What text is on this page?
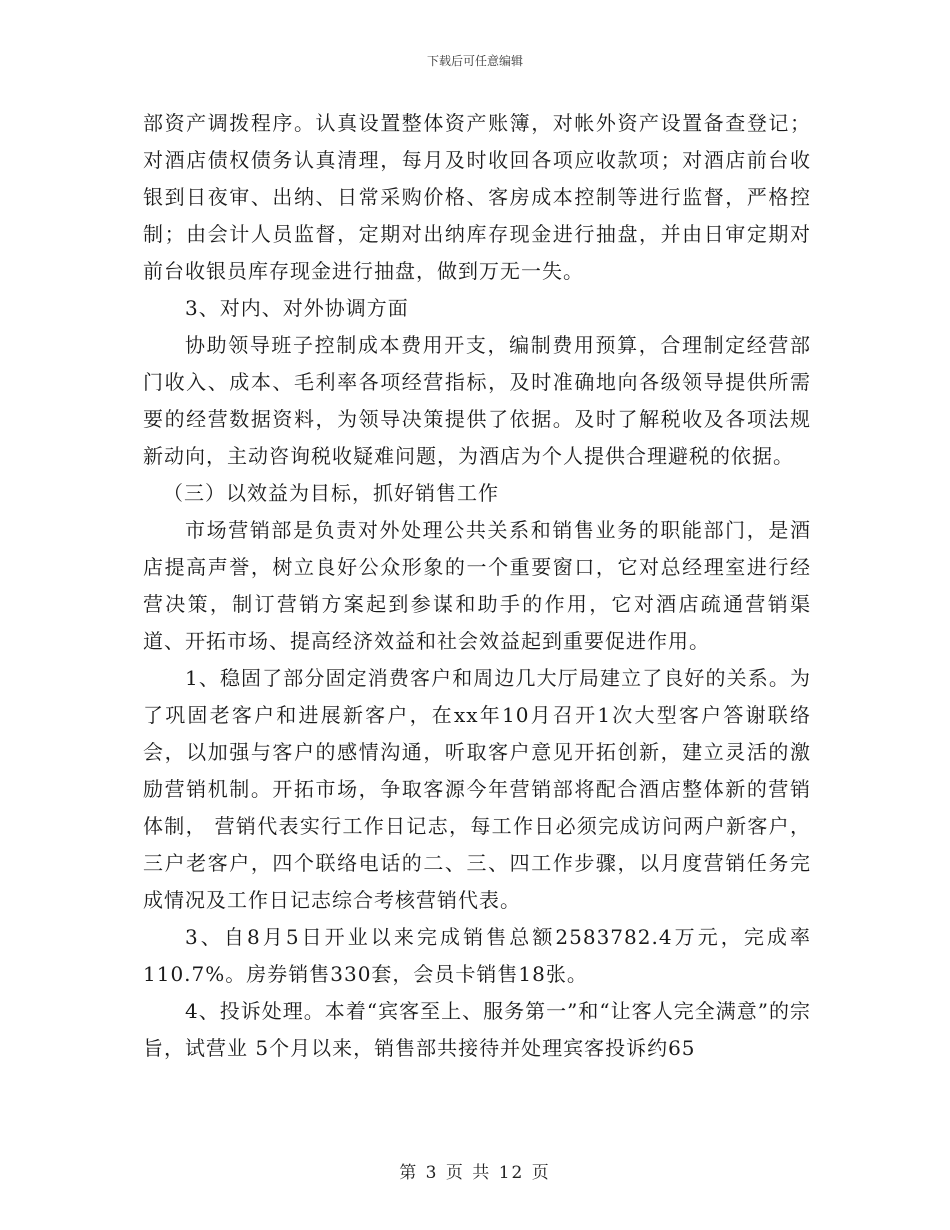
下载后可任意编辑

部资产调拨程序。认真设置整体资产账簿，对帐外资产设置备查登记；对酒店债权债务认真清理，每月及时收回各项应收款项；对酒店前台收银到日夜审、出纳、日常采购价格、客房成本控制等进行监督，严格控制；由会计人员监督，定期对出纳库存现金进行抽盘，并由日审定期对前台收银员库存现金进行抽盘，做到万无一失。

3、对内、对外协调方面

协助领导班子控制成本费用开支，编制费用预算，合理制定经营部门收入、成本、毛利率各项经营指标，及时准确地向各级领导提供所需要的经营数据资料，为领导决策提供了依据。及时了解税收及各项法规新动向，主动咨询税收疑难问题，为酒店为个人提供合理避税的依据。

（三）以效益为目标，抓好销售工作

市场营销部是负责对外处理公共关系和销售业务的职能部门，是酒店提高声誉，树立良好公众形象的一个重要窗口，它对总经理室进行经营决策，制订营销方案起到参谋和助手的作用，它对酒店疏通营销渠道、开拓市场、提高经济效益和社会效益起到重要促进作用。

1、稳固了部分固定消费客户和周边几大厅局建立了良好的关系。为了巩固老客户和进展新客户，在xx年10月召开1次大型客户答谢联络会，以加强与客户的感情沟通，听取客户意见开拓创新，建立灵活的激励营销机制。开拓市场，争取客源今年营销部将配合酒店整体新的营销体制， 营销代表实行工作日记志，每工作日必须完成访问两户新客户，三户老客户，四个联络电话的二、三、四工作步骤，以月度营销任务完成情况及工作日记志综合考核营销代表。

3、自8月5日开业以来完成销售总额2583782.4万元，完成率110.7%。房券销售330套，会员卡销售18张。

4、投诉处理。本着“宾客至上、服务第一”和“让客人完全满意”的宗旨，试营业 5个月以来，销售部共接待并处理宾客投诉约65

第 3 页 共 12 页
